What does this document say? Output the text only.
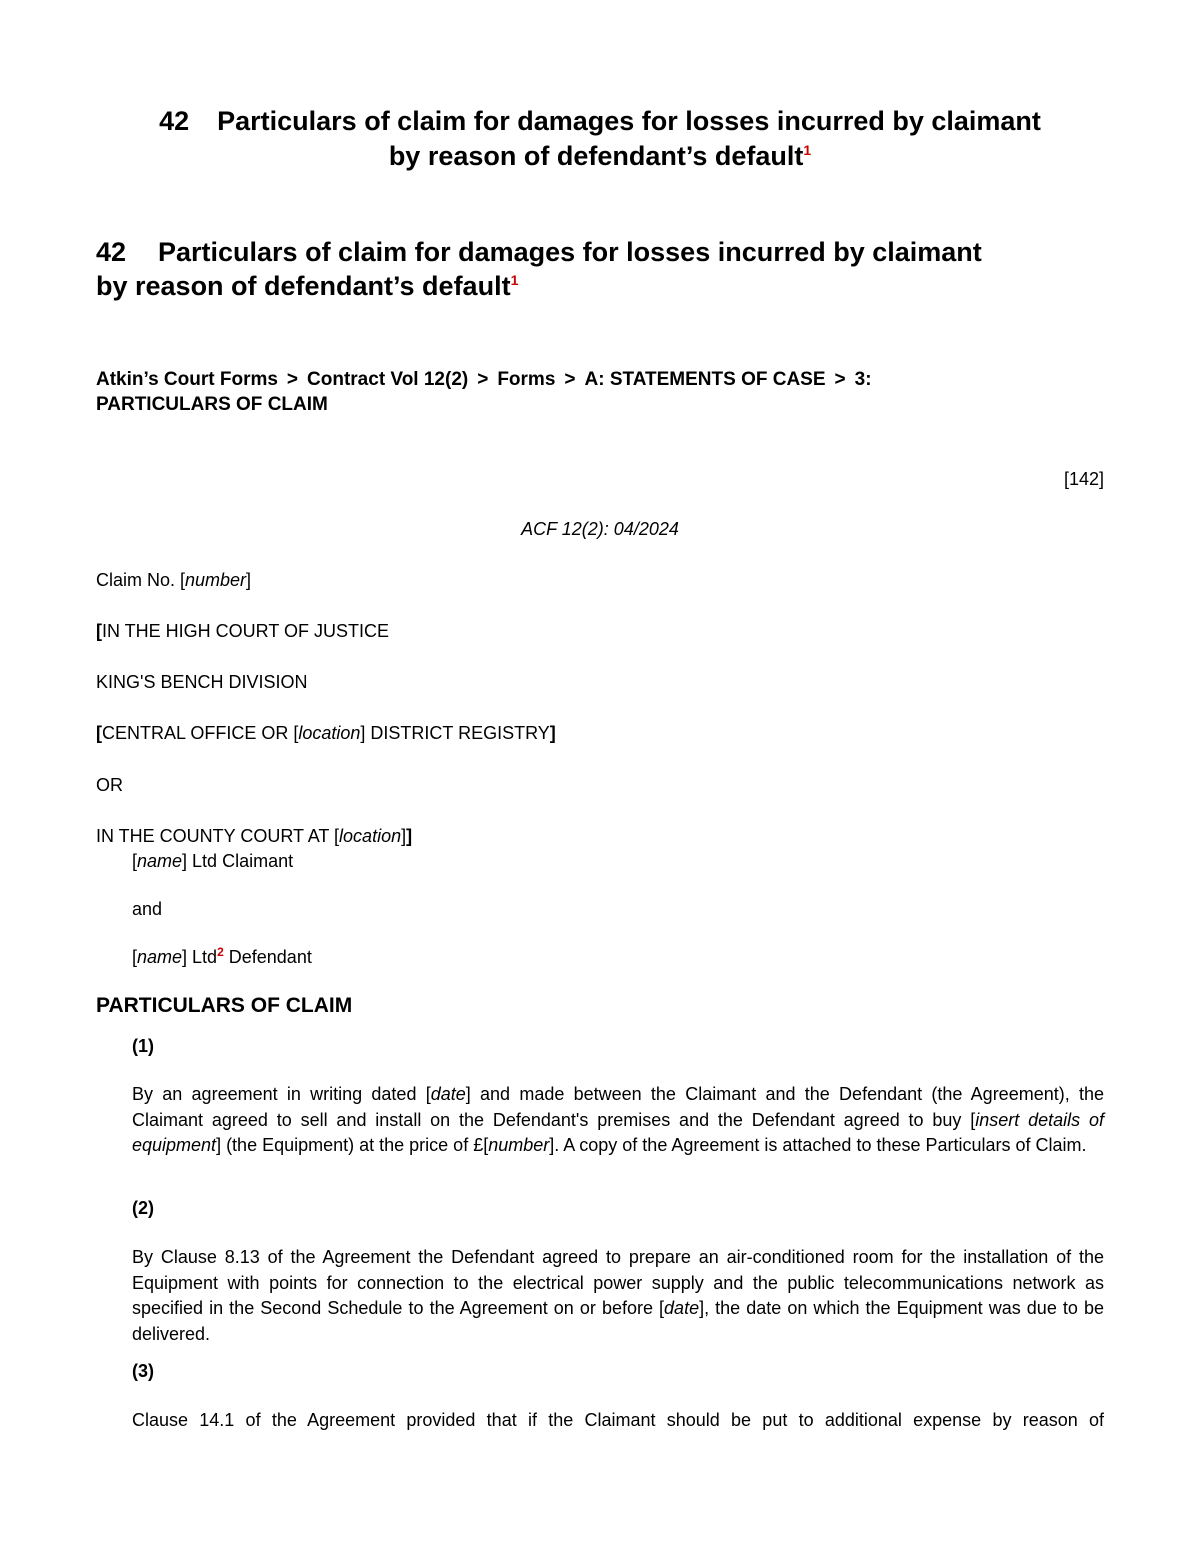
42 Particulars of claim for damages for losses incurred by claimant
by reason of defendant’s default$^1$
42 Particulars of claim for damages for losses incurred by claimant
by reason of defendant’s default$^1$
Atkin’s Court Forms > Contract Vol 12(2) > Forms > A: STATEMENTS OF CASE > 3:
PARTICULARS OF CLAIM
[142]
ACF 12(2): 04/2024
Claim No. [number]
[IN THE HIGH COURT OF JUSTICE
KING'S BENCH DIVISION
[CENTRAL OFFICE OR [location] DISTRICT REGISTRY]
OR
IN THE COUNTY COURT AT [location]]
[name] Ltd Claimant
and
[name] Ltd$^2$ Defendant
PARTICULARS OF CLAIM
(1)
By an agreement in writing dated [date] and made between the Claimant and the Defendant (the Agreement), the Claimant agreed to sell and install on the Defendant's premises and the Defendant agreed to buy [insert details of equipment] (the Equipment) at the price of £[number]. A copy of the Agreement is attached to these Particulars of Claim.
(2)
By Clause 8.13 of the Agreement the Defendant agreed to prepare an air-conditioned room for the installation of the Equipment with points for connection to the electrical power supply and the public telecommunications network as specified in the Second Schedule to the Agreement on or before [date], the date on which the Equipment was due to be delivered.
(3)
Clause 14.1 of the Agreement provided that if the Claimant should be put to additional expense by reason of
